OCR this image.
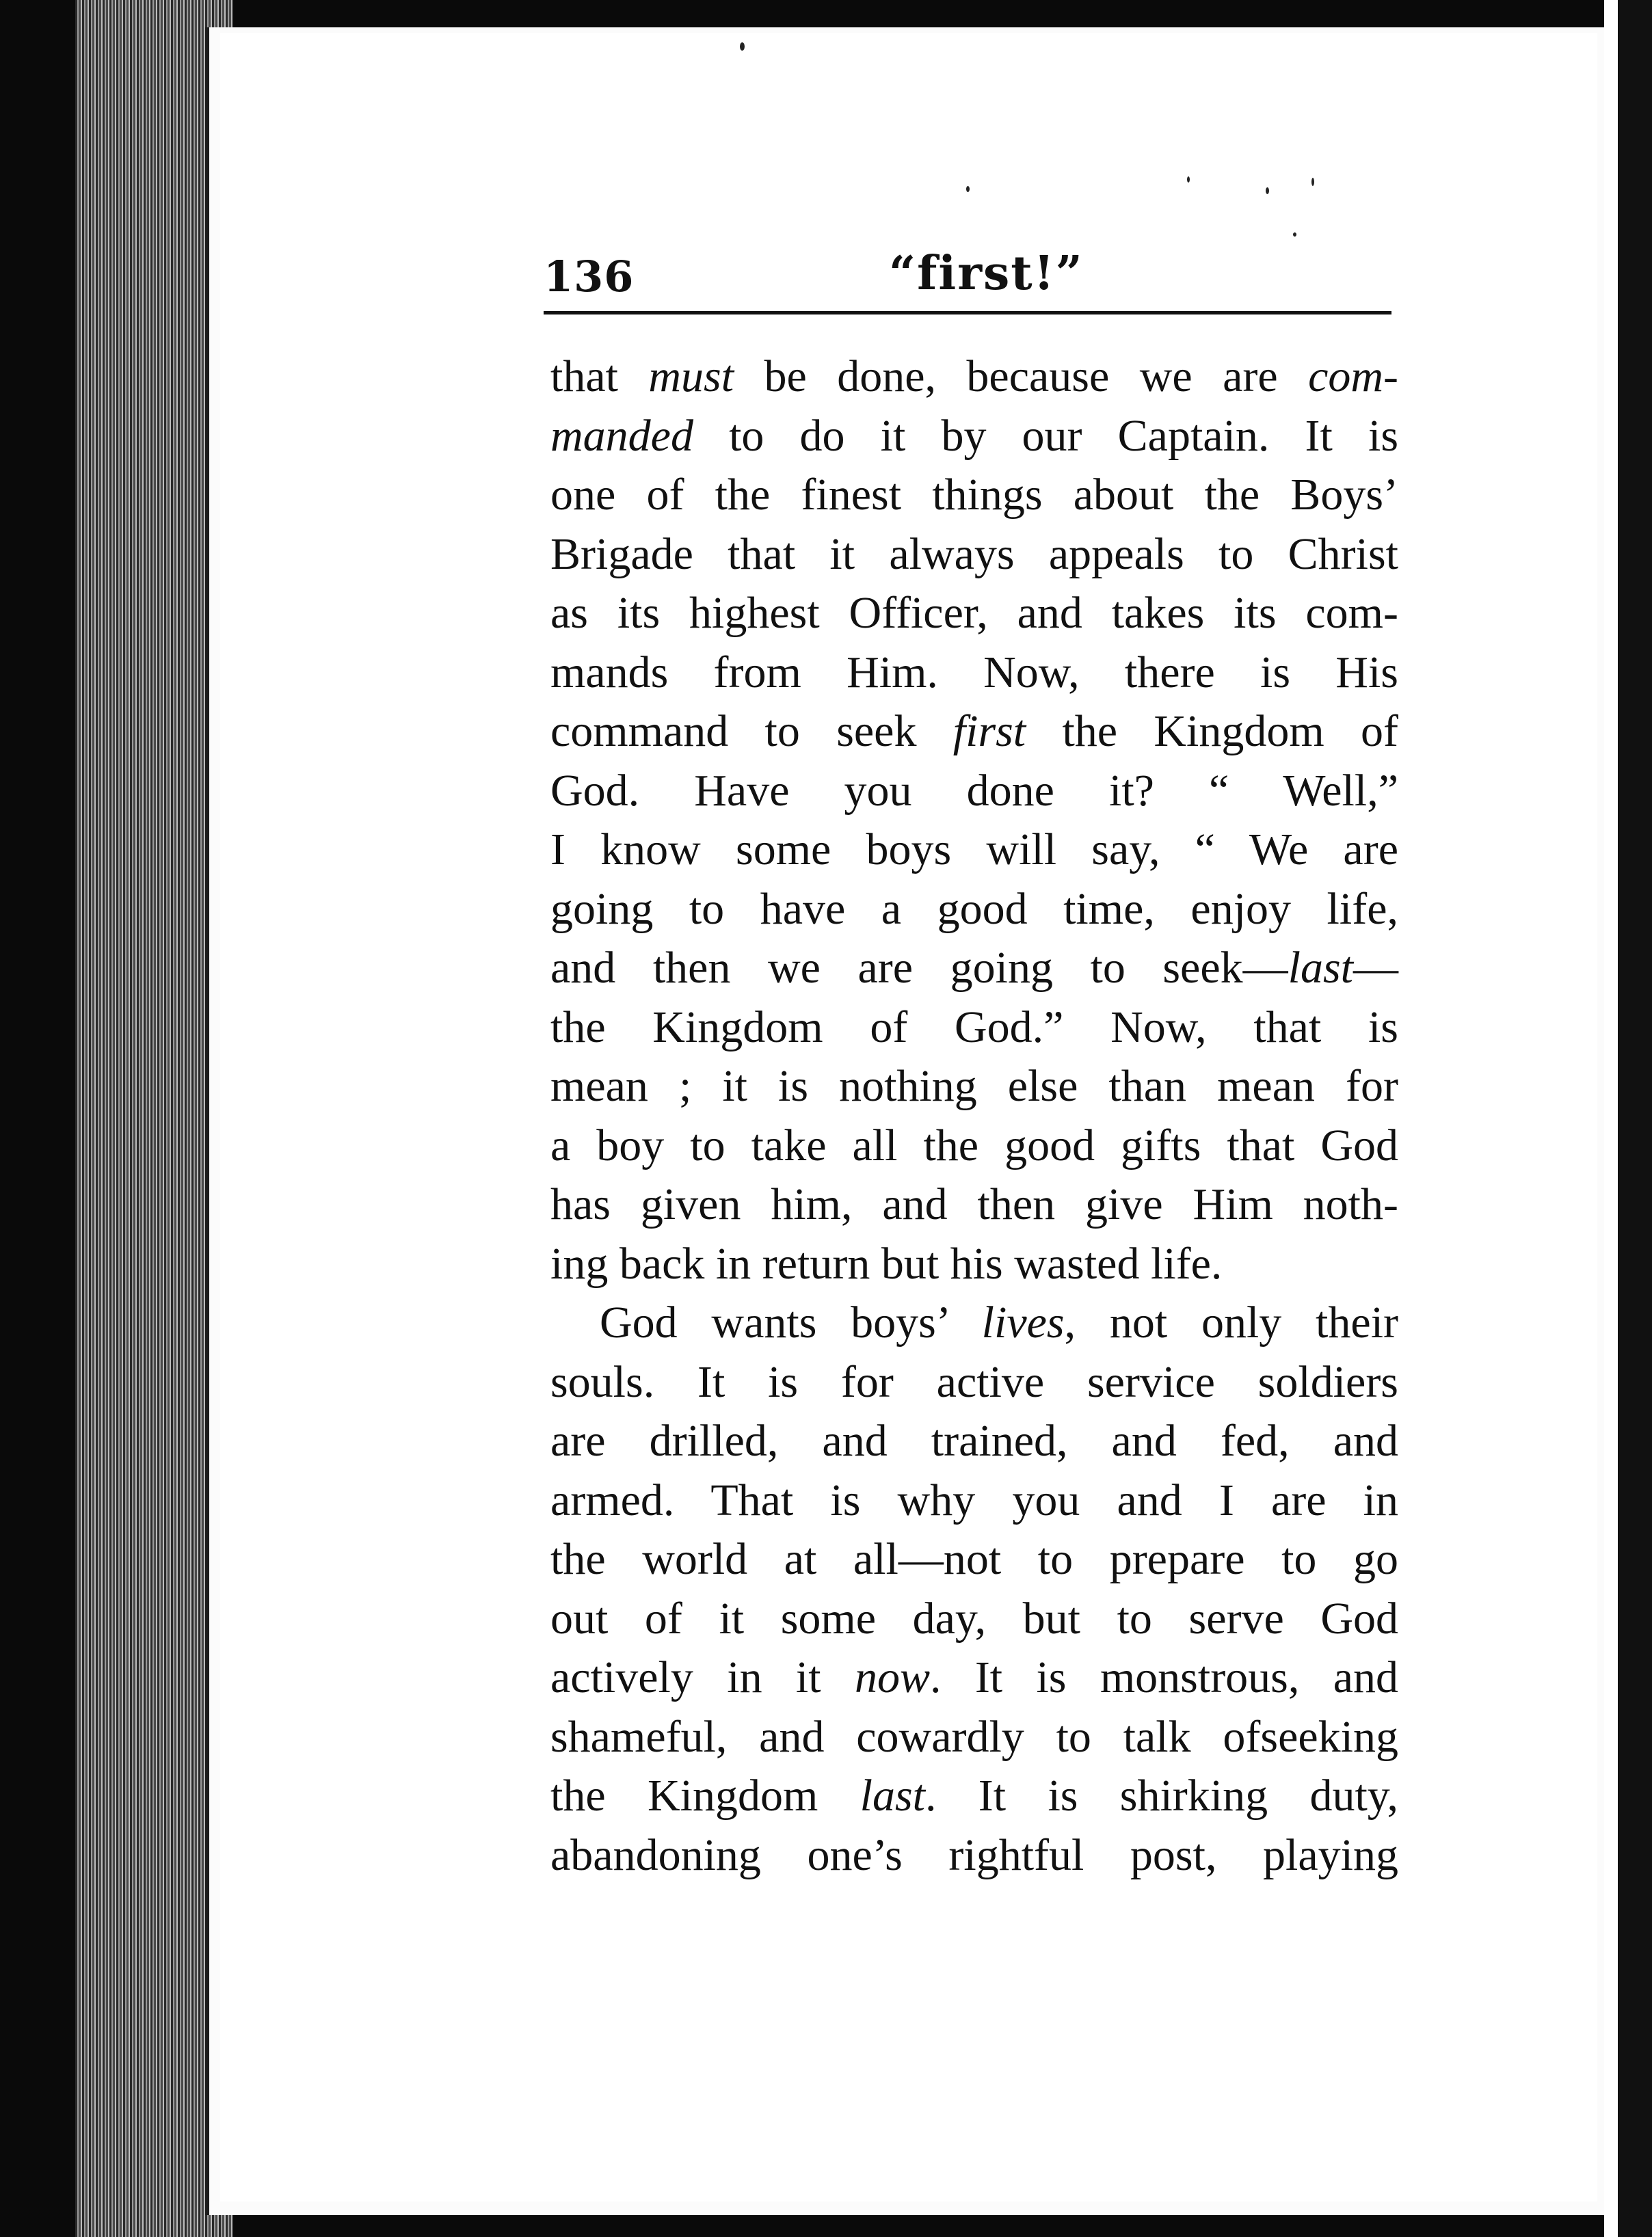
136	“first!”
that must be done, because we are com-
manded to do it by our Captain. It is
one of the finest things about the Boys’
Brigade that it always appeals to Christ
as its highest Officer, and takes its com-
mands from Him. Now, there is His
command to seek first the Kingdom of
God. Have you done it? “ Well,”
I know some boys will say, “ We are
going to have a good time, enjoy life,
and then we are going to seek—last—
the Kingdom of God.” Now, that is
mean ; it is nothing else than mean for
a boy to take all the good gifts that God
has given him, and then give Him noth-
ing back in return but his wasted life.
God wants boys’ lives, not only their
souls. It is for active service soldiers
are drilled, and trained, and fed, and
armed. That is why you and I are in
the world at all—not to prepare to go
out of it some day, but to serve God
actively in it now. It is monstrous, and
shameful, and cowardly to talk ofseeking
the Kingdom last. It is shirking duty,
abandoning one’s rightful post, playing
